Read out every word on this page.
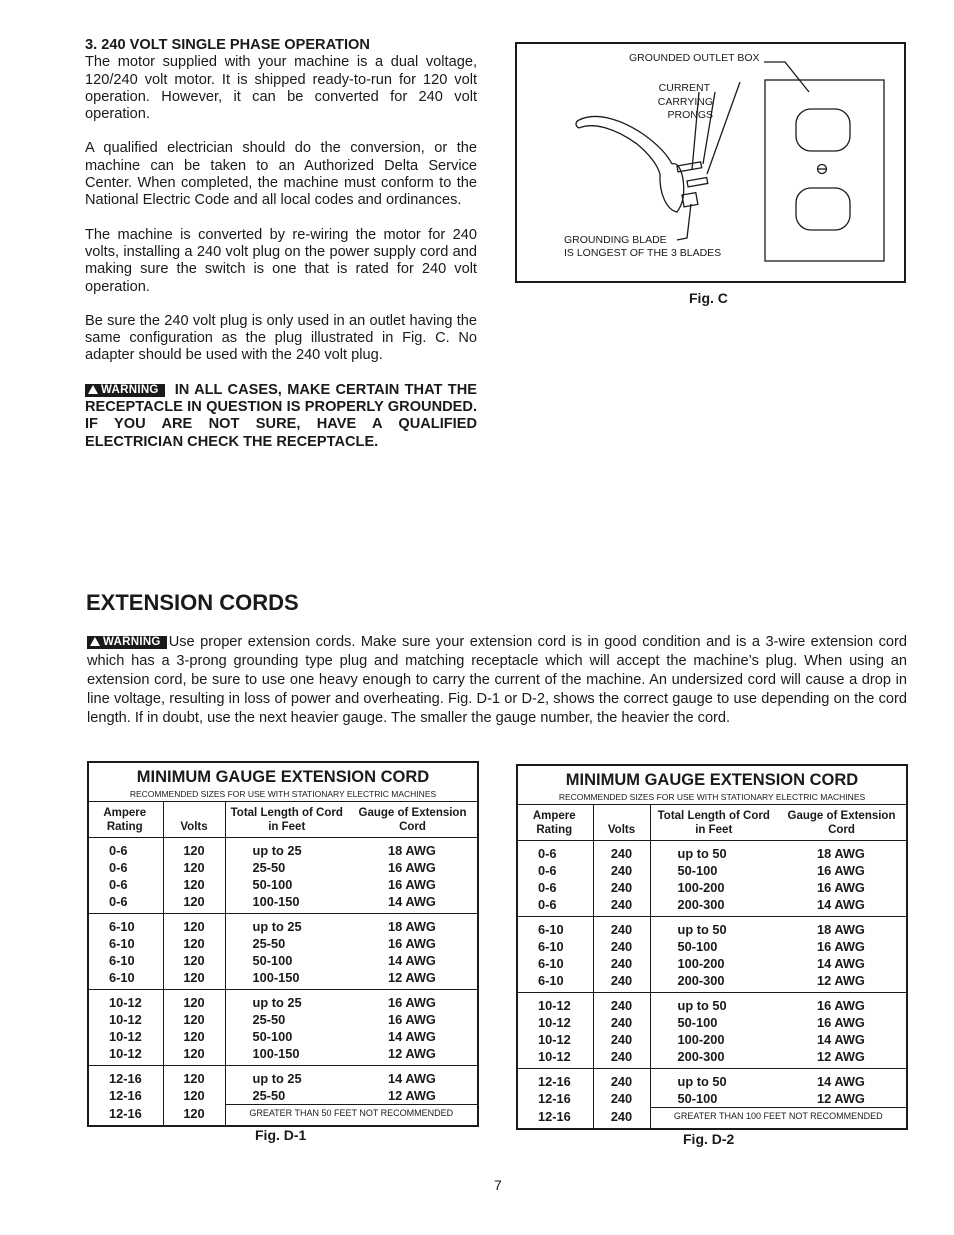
3. 240 VOLT SINGLE PHASE OPERATION

The motor supplied with your machine is a dual voltage, 120/240 volt motor. It is shipped ready-to-run for 120 volt operation. However, it can be converted for 240 volt operation.

A qualified electrician should do the conversion, or the machine can be taken to an Authorized Delta Service Center. When completed, the machine must conform to the National Electric Code and all local codes and ordinances.

The machine is converted by re-wiring the motor for 240 volts, installing a 240 volt plug on the power supply cord and making sure the switch is one that is rated for 240 volt operation.

Be sure the 240 volt plug is only used in an outlet having the same configuration as the plug illustrated in Fig. C. No adapter should be used with the 240 volt plug.

WARNING IN ALL CASES, MAKE CERTAIN THAT THE RECEPTACLE IN QUESTION IS PROPERLY GROUNDED. IF YOU ARE NOT SURE, HAVE A QUALIFIED ELECTRICIAN CHECK THE RECEPTACLE.

GROUNDED OUTLET BOX
CURRENT
CARRYING
PRONGS
GROUNDING BLADE
IS LONGEST OF THE 3 BLADES
Fig. C
EXTENSION CORDS

WARNING Use proper extension cords. Make sure your extension cord is in good condition and is a 3-wire extension cord which has a 3-prong grounding type plug and matching receptacle which will accept the machine’s plug. When using an extension cord, be sure to use one heavy enough to carry the current of the machine. An undersized cord will cause a drop in line voltage, resulting in loss of power and overheating. Fig. D-1 or D-2, shows the correct gauge to use depending on the cord length. If in doubt, use the next heavier gauge. The smaller the gauge number, the heavier the cord.

MINIMUM GAUGE EXTENSION CORD
RECOMMENDED SIZES FOR USE WITH STATIONARY ELECTRIC MACHINES
Ampere Rating	Volts	Total Length of Cord in Feet	Gauge of Extension Cord
0-6	120	up to 25	18 AWG
0-6	120	25-50	16 AWG
0-6	120	50-100	16 AWG
0-6	120	100-150	14 AWG
6-10	120	up to 25	18 AWG
6-10	120	25-50	16 AWG
6-10	120	50-100	14 AWG
6-10	120	100-150	12 AWG
10-12	120	up to 25	16 AWG
10-12	120	25-50	16 AWG
10-12	120	50-100	14 AWG
10-12	120	100-150	12 AWG
12-16	120	up to 25	14 AWG
12-16	120	25-50	12 AWG
12-16	120	GREATER THAN 50 FEET NOT RECOMMENDED	
Fig. D-1
MINIMUM GAUGE EXTENSION CORD
RECOMMENDED SIZES FOR USE WITH STATIONARY ELECTRIC MACHINES
Ampere Rating	Volts	Total Length of Cord in Feet	Gauge of Extension Cord
0-6	240	up to 50	18 AWG
0-6	240	50-100	16 AWG
0-6	240	100-200	16 AWG
0-6	240	200-300	14 AWG
6-10	240	up to 50	18 AWG
6-10	240	50-100	16 AWG
6-10	240	100-200	14 AWG
6-10	240	200-300	12 AWG
10-12	240	up to 50	16 AWG
10-12	240	50-100	16 AWG
10-12	240	100-200	14 AWG
10-12	240	200-300	12 AWG
12-16	240	up to 50	14 AWG
12-16	240	50-100	12 AWG
12-16	240	GREATER THAN 100 FEET NOT RECOMMENDED	
Fig. D-2
7
